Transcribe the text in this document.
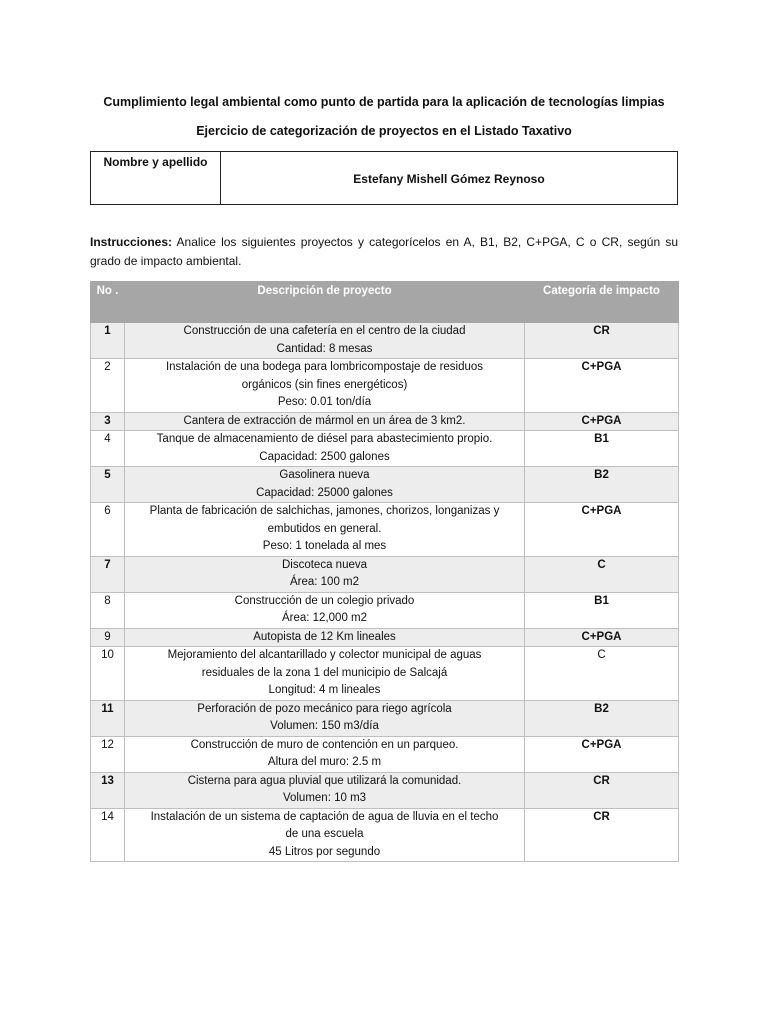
Cumplimiento legal ambiental como punto de partida para la aplicación de tecnologías limpias
Ejercicio de categorización de proyectos en el Listado Taxativo
Nombre y apellido
Estefany Mishell Gómez Reynoso
Instrucciones: Analice los siguientes proyectos y categorícelos en A, B1, B2, C+PGA, C o CR, según su grado de impacto ambiental.
No .	Descripción de proyecto	Categoría de impacto
1	Construcción de una cafetería en el centro de la ciudad
Cantidad: 8 mesas	CR
2	Instalación de una bodega para lombricompostaje de residuos
orgánicos (sin fines energéticos)
Peso: 0.01 ton/día	C+PGA
3	Cantera de extracción de mármol en un área de 3 km2.	C+PGA
4	Tanque de almacenamiento de diésel para abastecimiento propio.
Capacidad: 2500 galones	B1
5	Gasolinera nueva
Capacidad: 25000 galones	B2
6	Planta de fabricación de salchichas, jamones, chorizos, longanizas y
embutidos en general.
Peso: 1 tonelada al mes	C+PGA
7	Discoteca nueva
Área: 100 m2	C
8	Construcción de un colegio privado
Área: 12,000 m2	B1
9	Autopista de 12 Km lineales	C+PGA
10	Mejoramiento del alcantarillado y colector municipal de aguas
residuales de la zona 1 del municipio de Salcajá
Longitud: 4 m lineales	C
11	Perforación de pozo mecánico para riego agrícola
Volumen: 150 m3/día	B2
12	Construcción de muro de contención en un parqueo.
Altura del muro: 2.5 m	C+PGA
13	Cisterna para agua pluvial que utilizará la comunidad.
Volumen: 10 m3	CR
14	Instalación de un sistema de captación de agua de lluvia en el techo
de una escuela
45 Litros por segundo	CR
